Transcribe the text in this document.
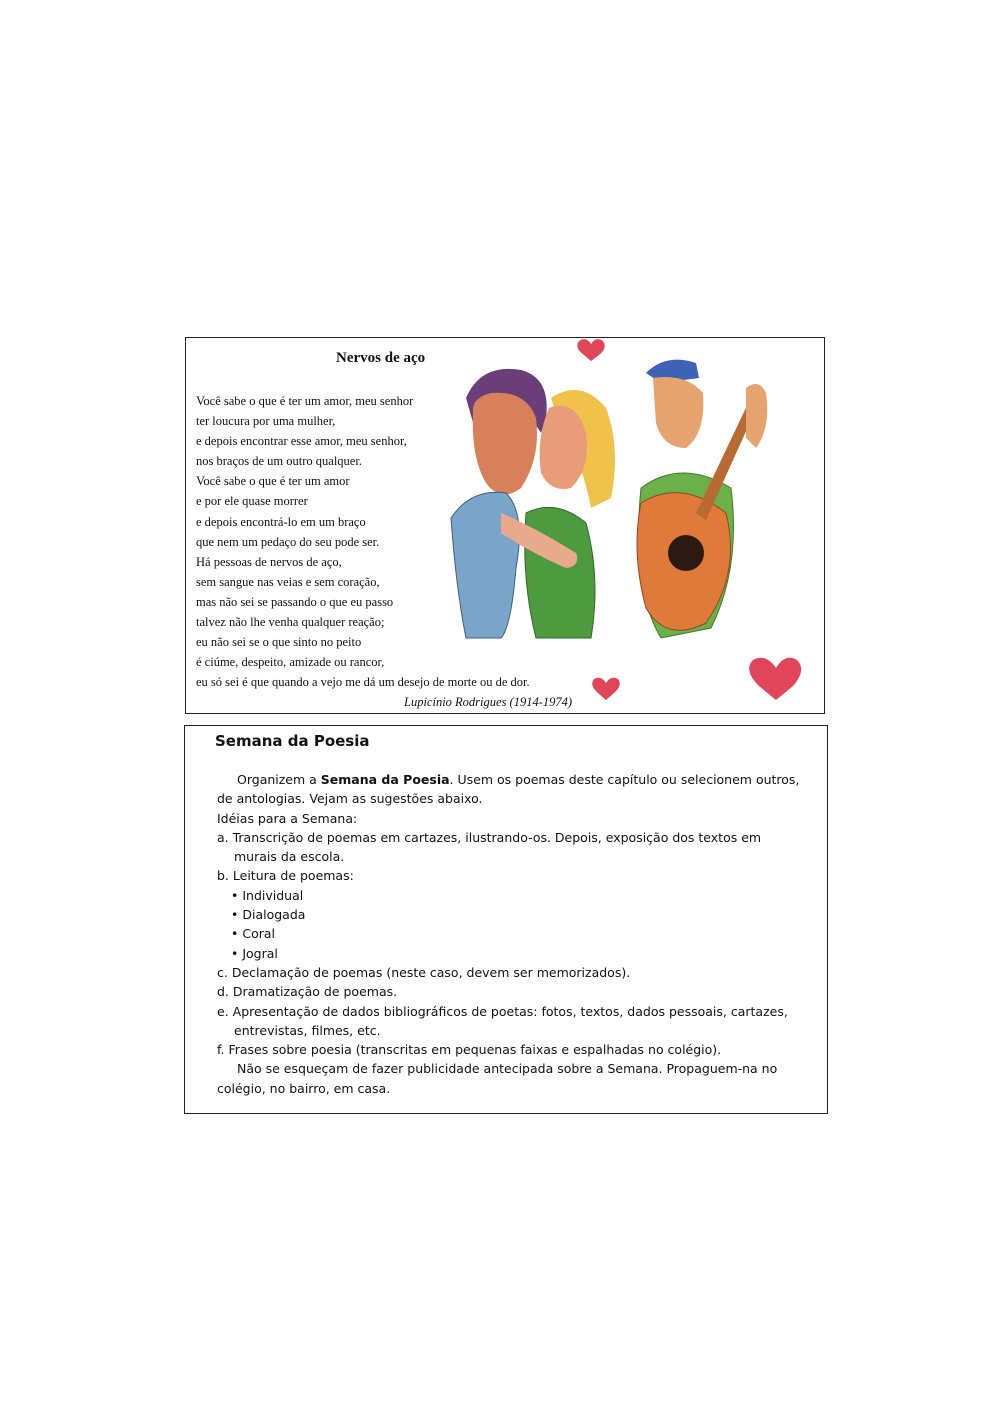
Nervos de aço
Você sabe o que é ter um amor, meu senhor
ter loucura por uma mulher,
e depois encontrar esse amor, meu senhor,
nos braços de um outro qualquer.
Você sabe o que é ter um amor
e por ele quase morrer
e depois encontrá-lo em um braço
que nem um pedaço do seu pode ser.
Há pessoas de nervos de aço,
sem sangue nas veias e sem coração,
mas não sei se passando o que eu passo
talvez não lhe venha qualquer reação;
eu não sei se o que sinto no peito
é ciúme, despeito, amizade ou rancor,
eu só sei é que quando a vejo me dá um desejo de morte ou de dor.
Lupicínio Rodrigues (1914-1974)
Semana da Poesia

Organizem a Semana da Poesia. Usem os poemas deste capítulo ou selecionem outros, de antologias. Vejam as sugestões abaixo.

Idéias para a Semana:

a. Transcrição de poemas em cartazes, ilustrando-os. Depois, exposição dos textos em murais da escola.

b. Leitura de poemas:

• Individual

• Dialogada

• Coral

• Jogral

c. Declamação de poemas (neste caso, devem ser memorizados).

d. Dramatização de poemas.

e. Apresentação de dados bibliográficos de poetas: fotos, textos, dados pessoais, cartazes, entrevistas, filmes, etc.

f. Frases sobre poesia (transcritas em pequenas faixas e espalhadas no colégio).

Não se esqueçam de fazer publicidade antecipada sobre a Semana. Propaguem-na no colégio, no bairro, em casa.
